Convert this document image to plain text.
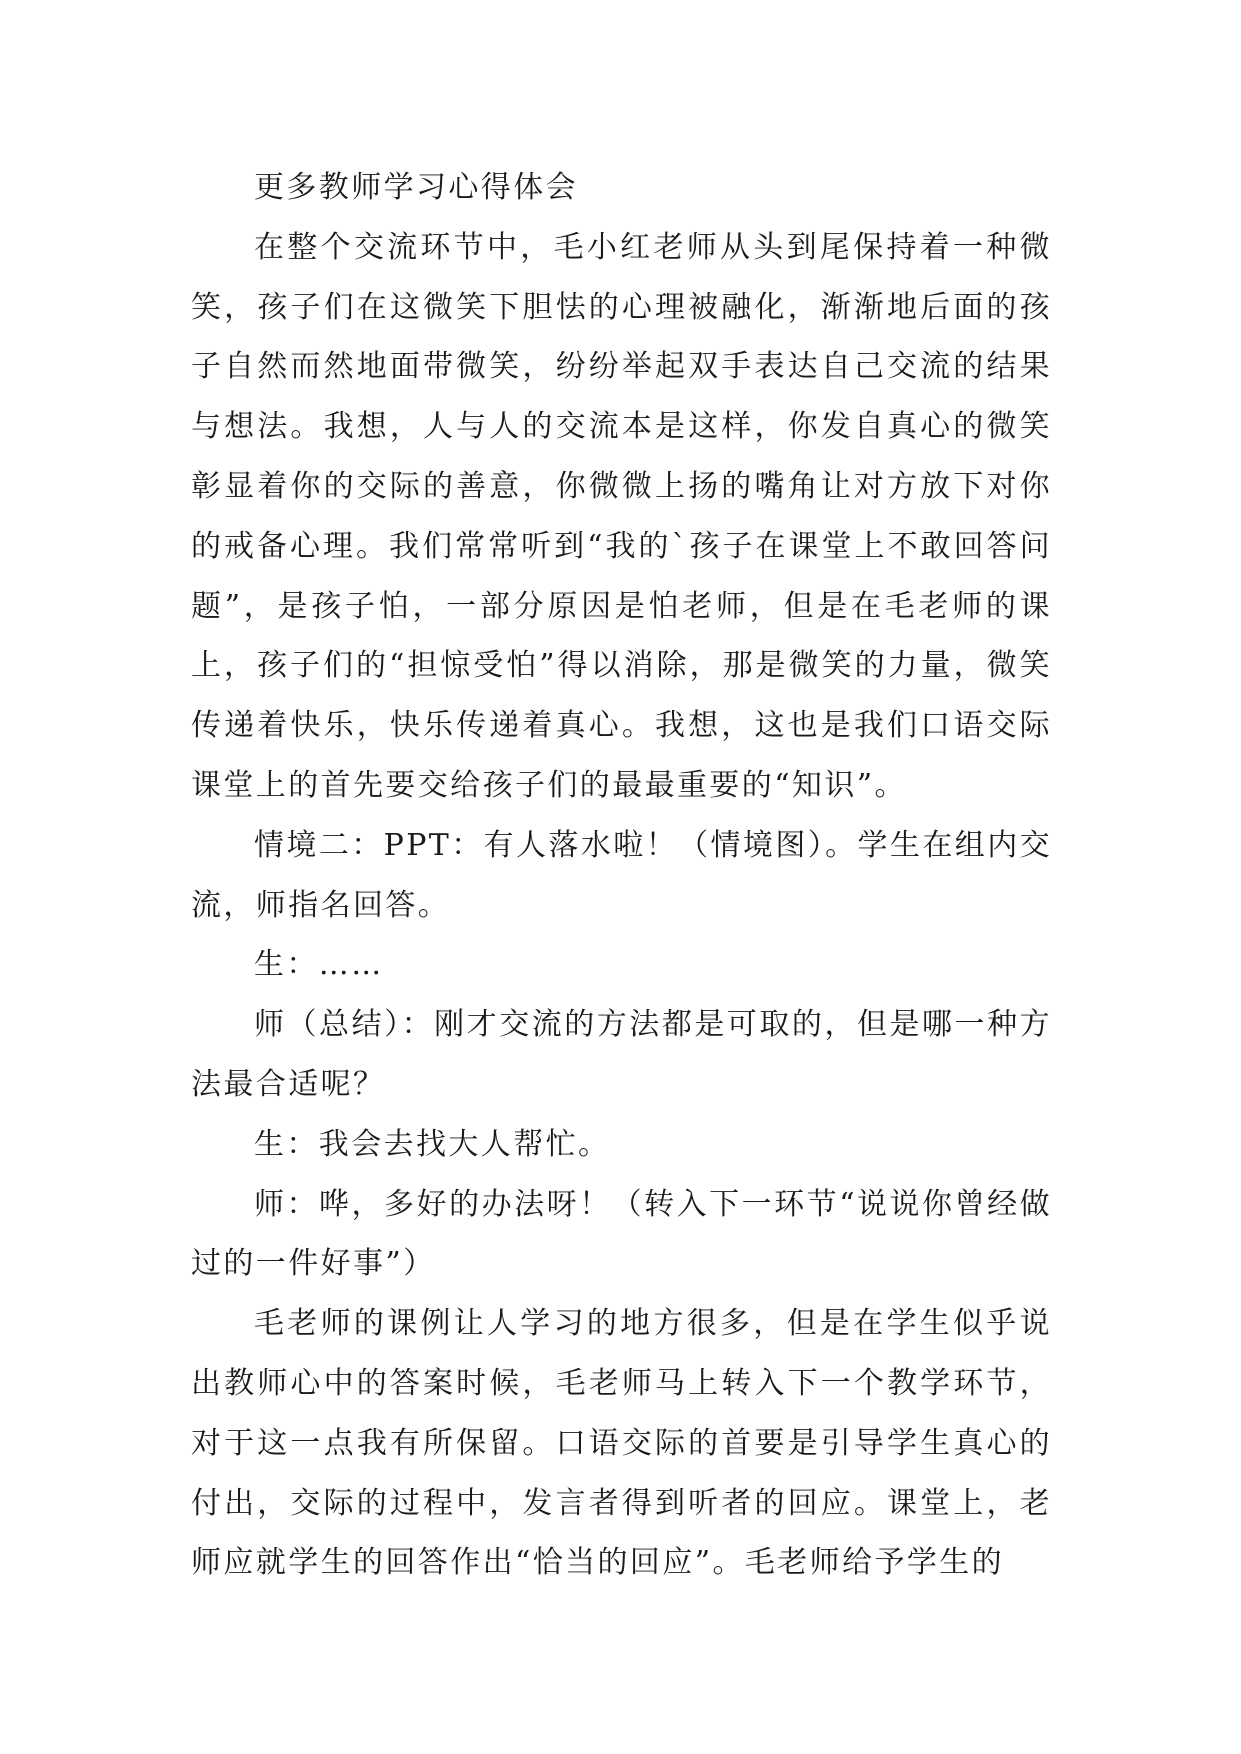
更多教师学习心得体会

在整个交流环节中，毛小红老师从头到尾保持着一种微笑，孩子们在这微笑下胆怯的心理被融化，渐渐地后面的孩子自然而然地面带微笑，纷纷举起双手表达自己交流的结果与想法。我想，人与人的交流本是这样，你发自真心的微笑彰显着你的交际的善意，你微微上扬的嘴角让对方放下对你的戒备心理。我们常常听到“我的`孩子在课堂上不敢回答问题”，是孩子怕，一部分原因是怕老师，但是在毛老师的课上，孩子们的“担惊受怕”得以消除，那是微笑的力量，微笑传递着快乐，快乐传递着真心。我想，这也是我们口语交际课堂上的首先要交给孩子们的最最重要的“知识”。

情境二：PPT：有人落水啦！（情境图）。学生在组内交流，师指名回答。

生：……

师（总结）：刚才交流的方法都是可取的，但是哪一种方法最合适呢？

生：我会去找大人帮忙。

师：哗，多好的办法呀！（转入下一环节“说说你曾经做过的一件好事”）

毛老师的课例让人学习的地方很多，但是在学生似乎说出教师心中的答案时候，毛老师马上转入下一个教学环节，对于这一点我有所保留。口语交际的首要是引导学生真心的付出，交际的过程中，发言者得到听者的回应。课堂上，老师应就学生的回答作出“恰当的回应”。毛老师给予学生的
